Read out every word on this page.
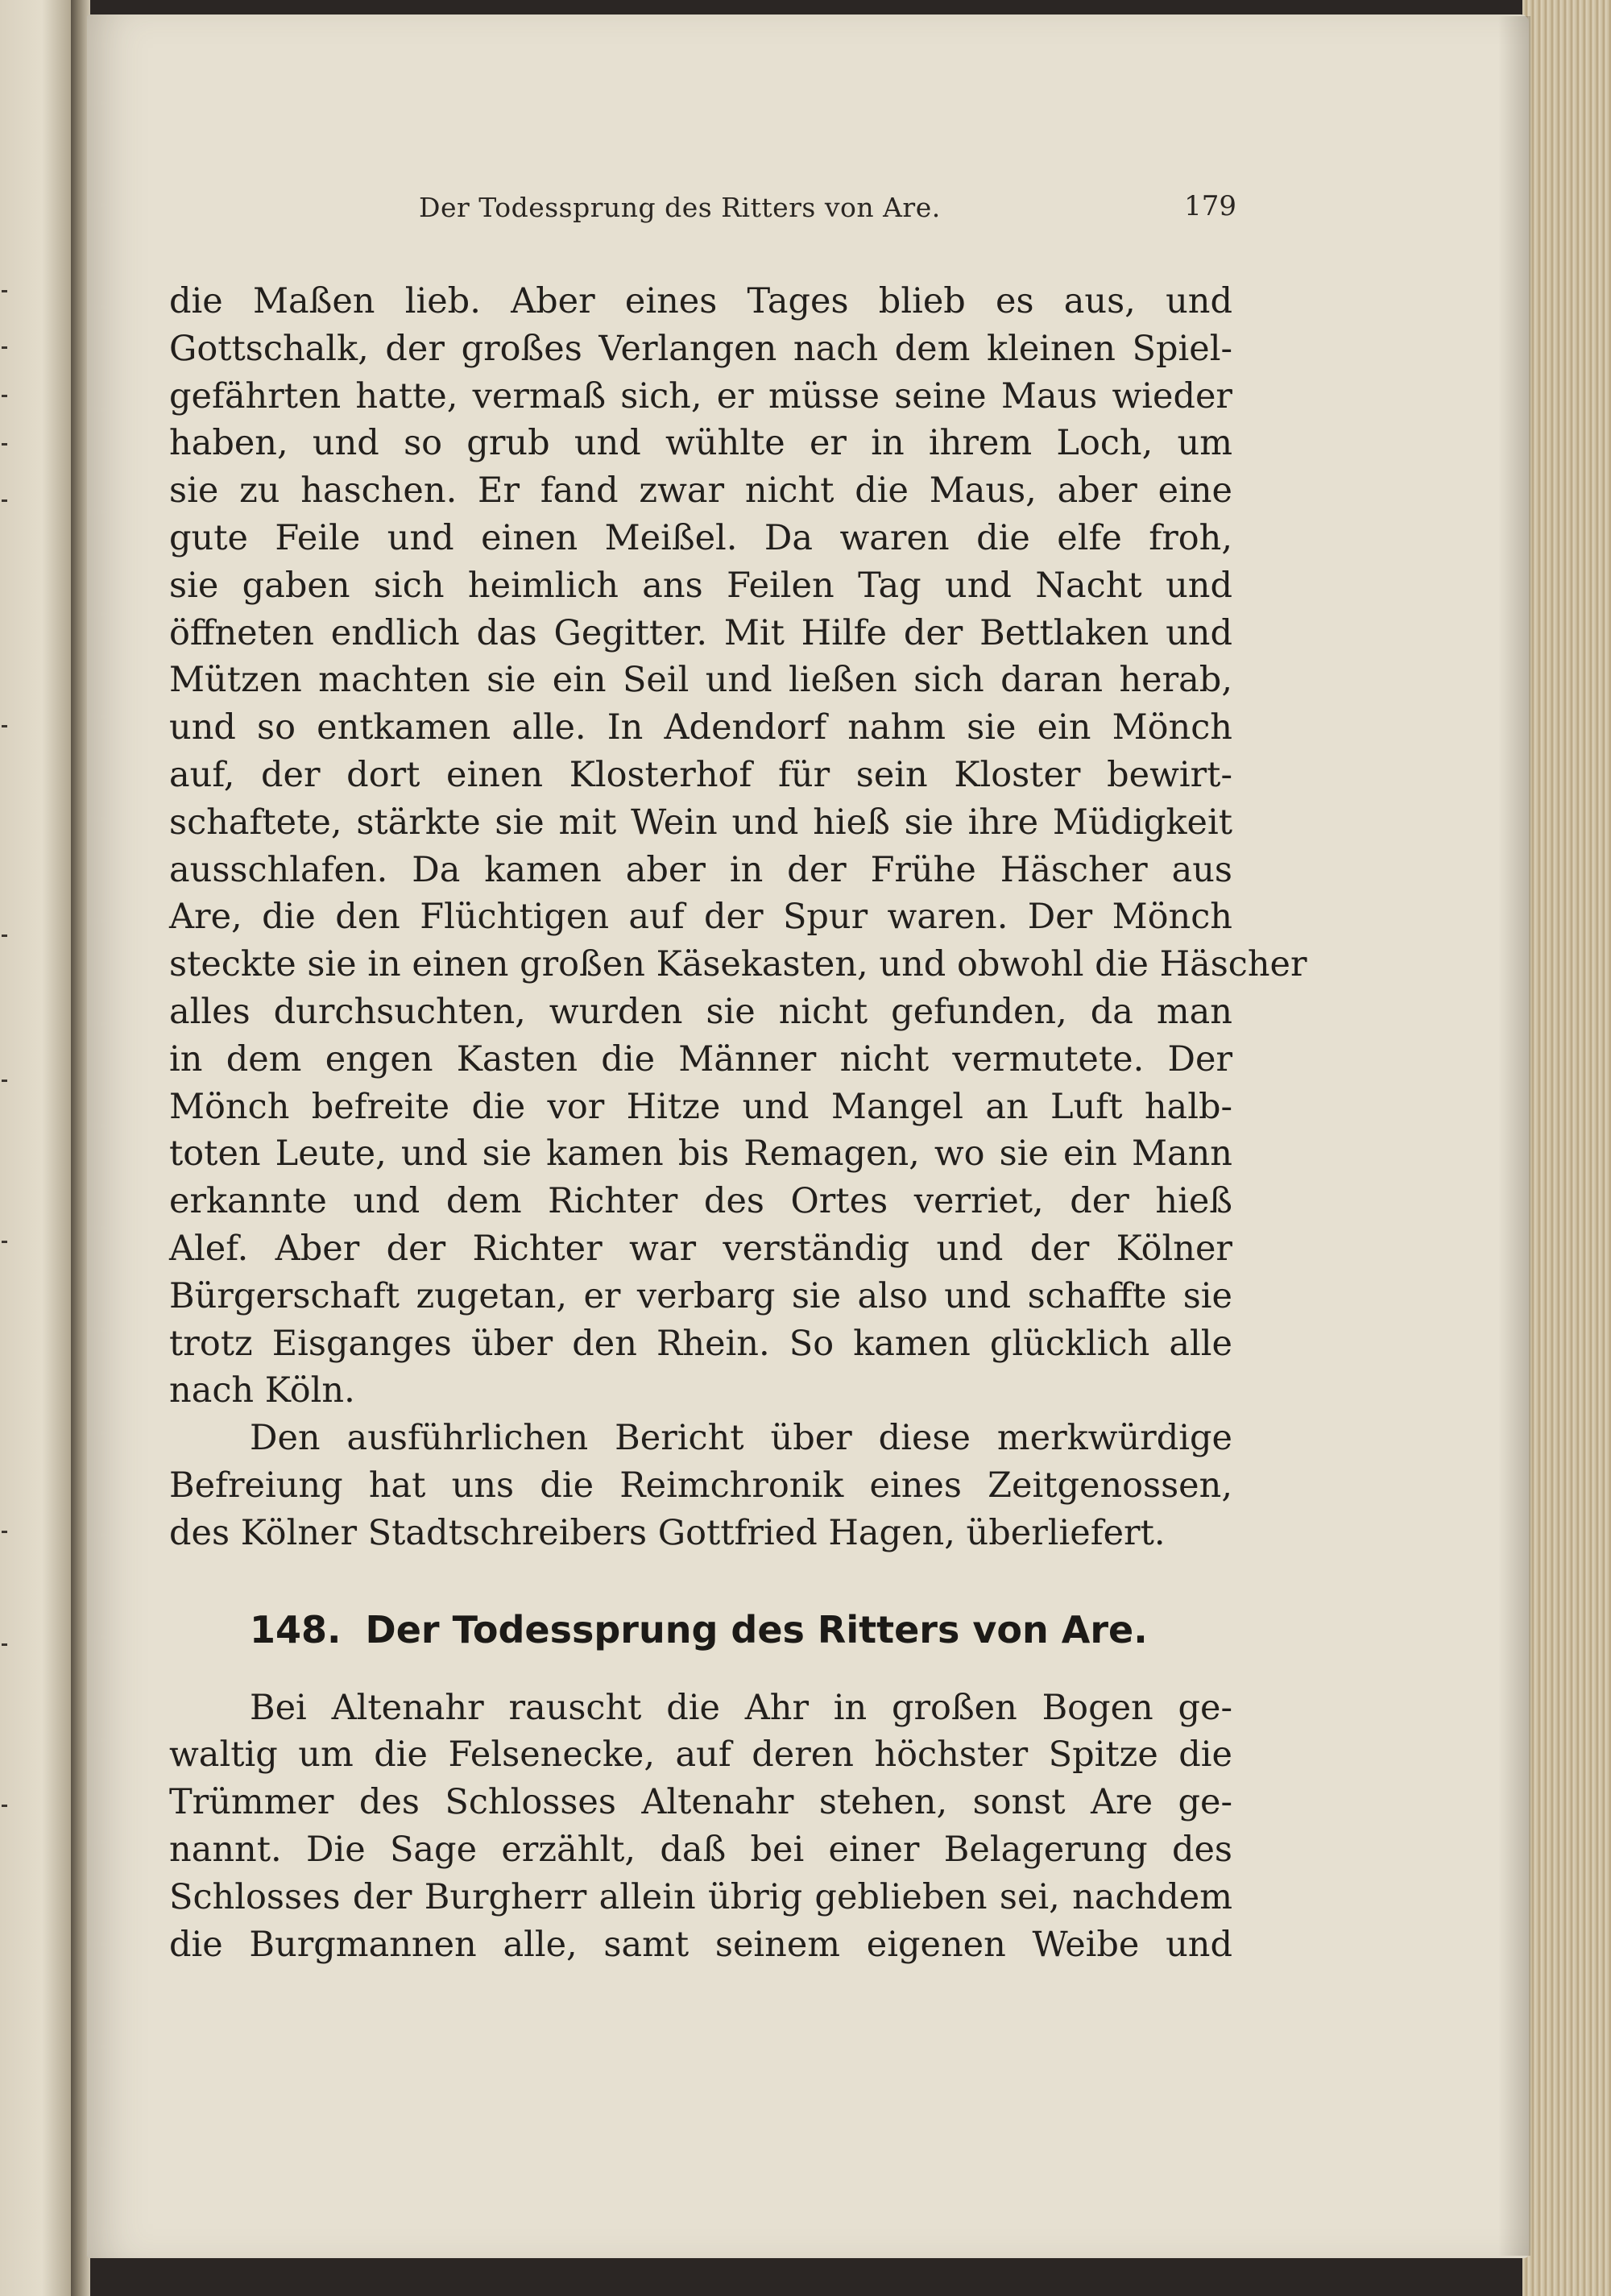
Der Todessprung des Ritters von Are.	179
die Maßen lieb. Aber eines Tages blieb es aus, und
Gottschalk, der großes Verlangen nach dem kleinen Spiel-
gefährten hatte, vermaß sich, er müsse seine Maus wieder
haben, und so grub und wühlte er in ihrem Loch, um
sie zu haschen. Er fand zwar nicht die Maus, aber eine
gute Feile und einen Meißel. Da waren die elfe froh,
sie gaben sich heimlich ans Feilen Tag und Nacht und
öffneten endlich das Gegitter. Mit Hilfe der Bettlaken und
Mützen machten sie ein Seil und ließen sich daran herab,
und so entkamen alle. In Adendorf nahm sie ein Mönch
auf, der dort einen Klosterhof für sein Kloster bewirt-
schaftete, stärkte sie mit Wein und hieß sie ihre Müdigkeit
ausschlafen. Da kamen aber in der Frühe Häscher aus
Are, die den Flüchtigen auf der Spur waren. Der Mönch
steckte sie in einen großen Käsekasten, und obwohl die Häscher
alles durchsuchten, wurden sie nicht gefunden, da man
in dem engen Kasten die Männer nicht vermutete. Der
Mönch befreite die vor Hitze und Mangel an Luft halb-
toten Leute, und sie kamen bis Remagen, wo sie ein Mann
erkannte und dem Richter des Ortes verriet, der hieß
Alef. Aber der Richter war verständig und der Kölner
Bürgerschaft zugetan, er verbarg sie also und schaffte sie
trotz Eisganges über den Rhein. So kamen glücklich alle
nach Köln.
Den ausführlichen Bericht über diese merkwürdige
Befreiung hat uns die Reimchronik eines Zeitgenossen,
des Kölner Stadtschreibers Gottfried Hagen, überliefert.
148. Der Todessprung des Ritters von Are.
Bei Altenahr rauscht die Ahr in großen Bogen ge-
waltig um die Felsenecke, auf deren höchster Spitze die
Trümmer des Schlosses Altenahr stehen, sonst Are ge-
nannt. Die Sage erzählt, daß bei einer Belagerung des
Schlosses der Burgherr allein übrig geblieben sei, nachdem
die Burgmannen alle, samt seinem eigenen Weibe und
